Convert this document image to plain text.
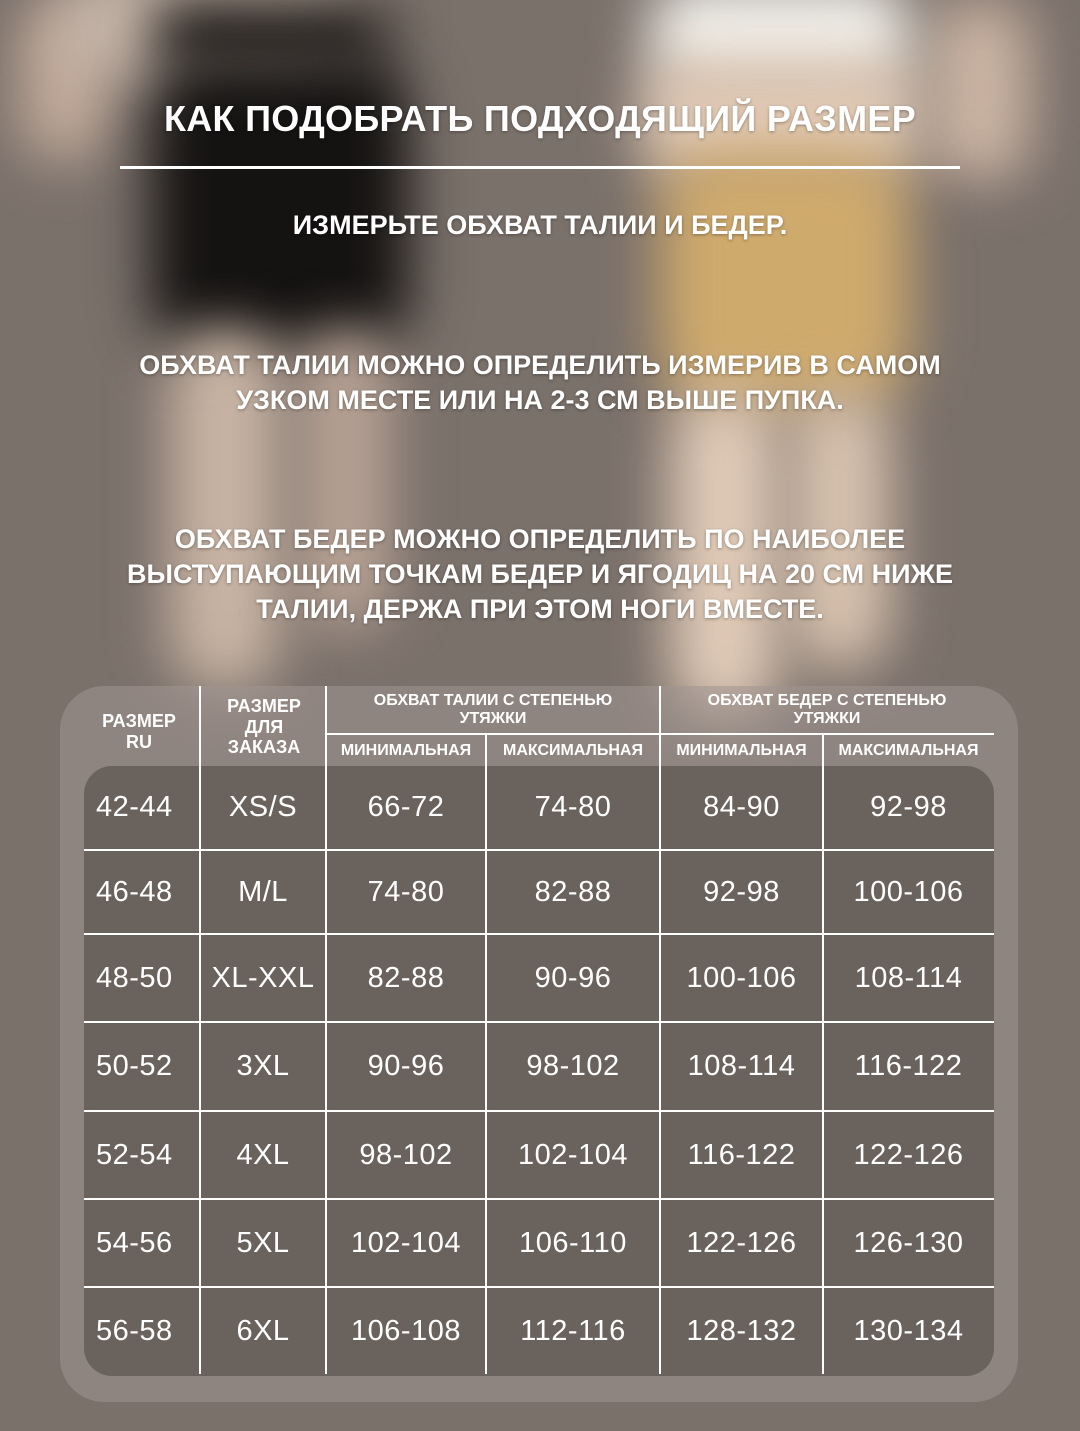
КАК ПОДОБРАТЬ ПОДХОДЯЩИЙ РАЗМЕР
ИЗМЕРЬТЕ ОБХВАТ ТАЛИИ И БЕДЕР.
ОБХВАТ ТАЛИИ МОЖНО ОПРЕДЕЛИТЬ ИЗМЕРИВ В САМОМ
УЗКОМ МЕСТЕ ИЛИ НА 2-3 СМ ВЫШЕ ПУПКА.
ОБХВАТ БЕДЕР МОЖНО ОПРЕДЕЛИТЬ ПО НАИБОЛЕЕ
ВЫСТУПАЮЩИМ ТОЧКАМ БЕДЕР И ЯГОДИЦ НА 20 СМ НИЖЕ
ТАЛИИ, ДЕРЖА ПРИ ЭТОМ НОГИ ВМЕСТЕ.
РАЗМЕР
RU
РАЗМЕР
ДЛЯ
ЗАКАЗА
ОБХВАТ ТАЛИИ С СТЕПЕНЬЮ
УТЯЖКИ
ОБХВАТ БЕДЕР С СТЕПЕНЬЮ
УТЯЖКИ
МИНИМАЛЬНАЯ	МАКСИМАЛЬНАЯ	МИНИМАЛЬНАЯ	МАКСИМАЛЬНАЯ
42-44	XS/S	66-72	74-80	84-90	92-98
46-48	M/L	74-80	82-88	92-98	100-106
48-50	XL-XXL	82-88	90-96	100-106	108-114
50-52	3XL	90-96	98-102	108-114	116-122
52-54	4XL	98-102	102-104	116-122	122-126
54-56	5XL	102-104	106-110	122-126	126-130
56-58	6XL	106-108	112-116	128-132	130-134
